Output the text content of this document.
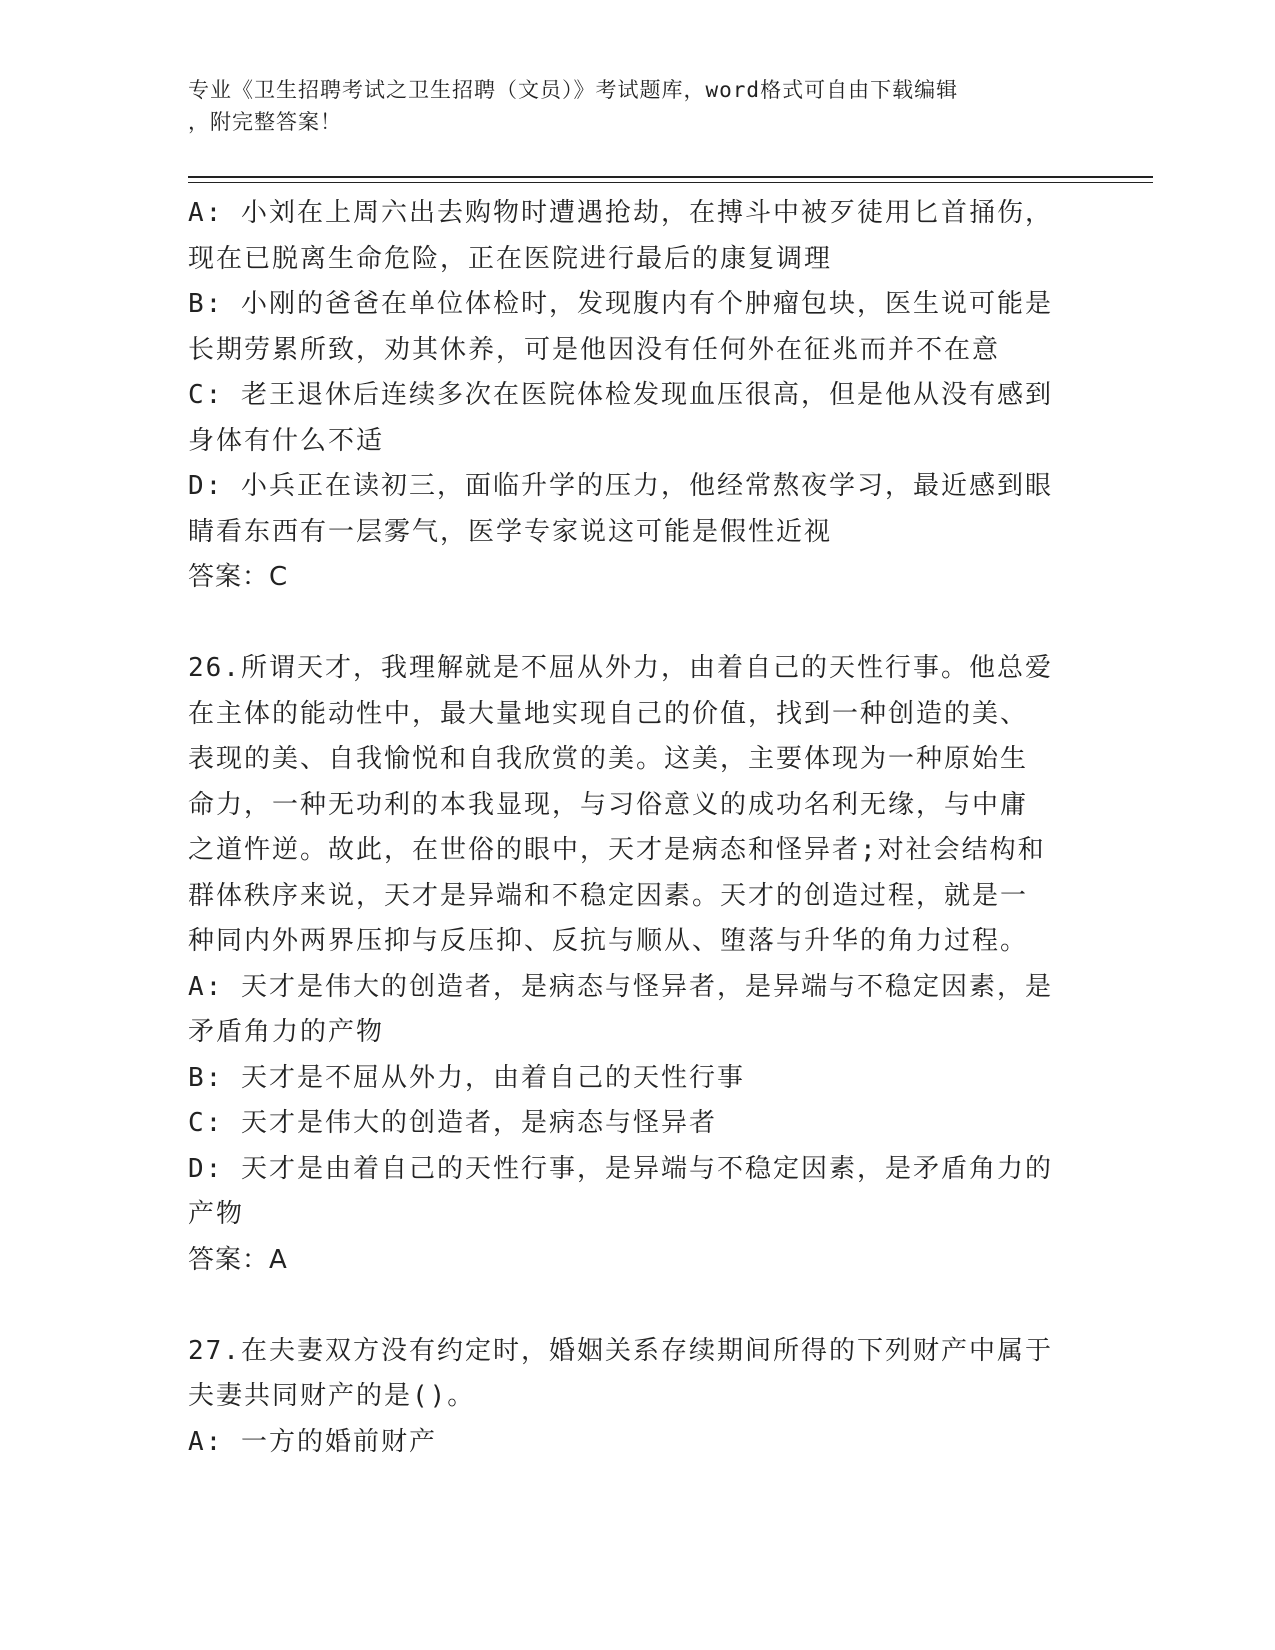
专业《卫生招聘考试之卫生招聘（文员）》考试题库，word格式可自由下载编辑
，附完整答案！
A: 小刘在上周六出去购物时遭遇抢劫，在搏斗中被歹徒用匕首捅伤，
现在已脱离生命危险，正在医院进行最后的康复调理
B: 小刚的爸爸在单位体检时，发现腹内有个肿瘤包块，医生说可能是
长期劳累所致，劝其休养，可是他因没有任何外在征兆而并不在意
C: 老王退休后连续多次在医院体检发现血压很高，但是他从没有感到
身体有什么不适
D: 小兵正在读初三，面临升学的压力，他经常熬夜学习，最近感到眼
睛看东西有一层雾气，医学专家说这可能是假性近视
答案：C
26.所谓天才，我理解就是不屈从外力，由着自己的天性行事。他总爱
在主体的能动性中，最大量地实现自己的价值，找到一种创造的美、
表现的美、自我愉悦和自我欣赏的美。这美，主要体现为一种原始生
命力，一种无功利的本我显现，与习俗意义的成功名利无缘，与中庸
之道忤逆。故此，在世俗的眼中，天才是病态和怪异者;对社会结构和
群体秩序来说，天才是异端和不稳定因素。天才的创造过程，就是一
种同内外两界压抑与反压抑、反抗与顺从、堕落与升华的角力过程。
A: 天才是伟大的创造者，是病态与怪异者，是异端与不稳定因素，是
矛盾角力的产物
B: 天才是不屈从外力，由着自己的天性行事
C: 天才是伟大的创造者，是病态与怪异者
D: 天才是由着自己的天性行事，是异端与不稳定因素，是矛盾角力的
产物
答案：A
27.在夫妻双方没有约定时，婚姻关系存续期间所得的下列财产中属于
夫妻共同财产的是()。
A: 一方的婚前财产
